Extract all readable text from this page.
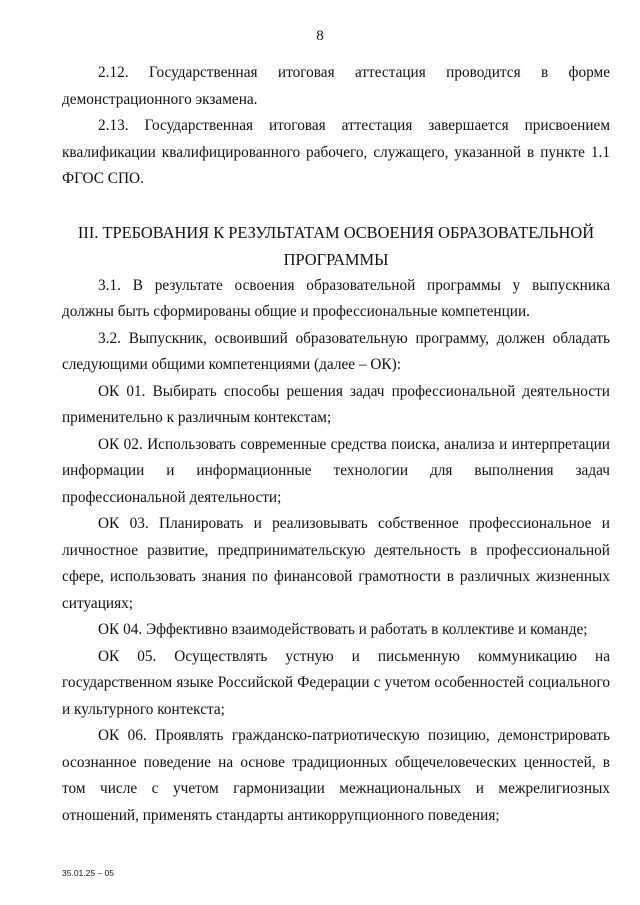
8

2.12. Государственная итоговая аттестация проводится в форме демонстрационного экзамена.

2.13. Государственная итоговая аттестация завершается присвоением квалификации квалифицированного рабочего, служащего, указанной в пункте 1.1 ФГОС СПО.

III. ТРЕБОВАНИЯ К РЕЗУЛЬТАТАМ ОСВОЕНИЯ ОБРАЗОВАТЕЛЬНОЙ ПРОГРАММЫ

3.1. В результате освоения образовательной программы у выпускника должны быть сформированы общие и профессиональные компетенции.

3.2. Выпускник, освоивший образовательную программу, должен обладать следующими общими компетенциями (далее – ОК):

ОК 01. Выбирать способы решения задач профессиональной деятельности применительно к различным контекстам;

ОК 02. Использовать современные средства поиска, анализа и интерпретации информации и информационные технологии для выполнения задач профессиональной деятельности;

ОК 03. Планировать и реализовывать собственное профессиональное и личностное развитие, предпринимательскую деятельность в профессиональной сфере, использовать знания по финансовой грамотности в различных жизненных ситуациях;

ОК 04. Эффективно взаимодействовать и работать в коллективе и команде;

ОК 05. Осуществлять устную и письменную коммуникацию на государственном языке Российской Федерации с учетом особенностей социального и культурного контекста;

ОК 06. Проявлять гражданско-патриотическую позицию, демонстрировать осознанное поведение на основе традиционных общечеловеческих ценностей, в том числе с учетом гармонизации межнациональных и межрелигиозных отношений, применять стандарты антикоррупционного поведения;

35.01.25 – 05
